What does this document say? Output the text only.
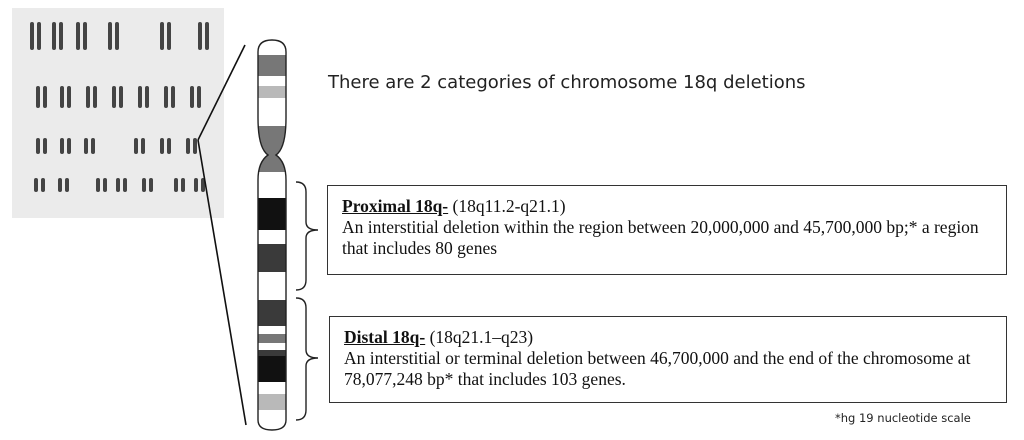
There are 2 categories of chromosome 18q deletions
Proximal 18q- (18q11.2-q21.1)
An interstitial deletion within the region between 20,000,000 and 45,700,000 bp;* a region that includes 80 genes
Distal 18q- (18q21.1–q23)
An interstitial or terminal deletion between 46,700,000 and the end of the chromosome at 78,077,248 bp* that includes 103 genes.
*hg 19 nucleotide scale
